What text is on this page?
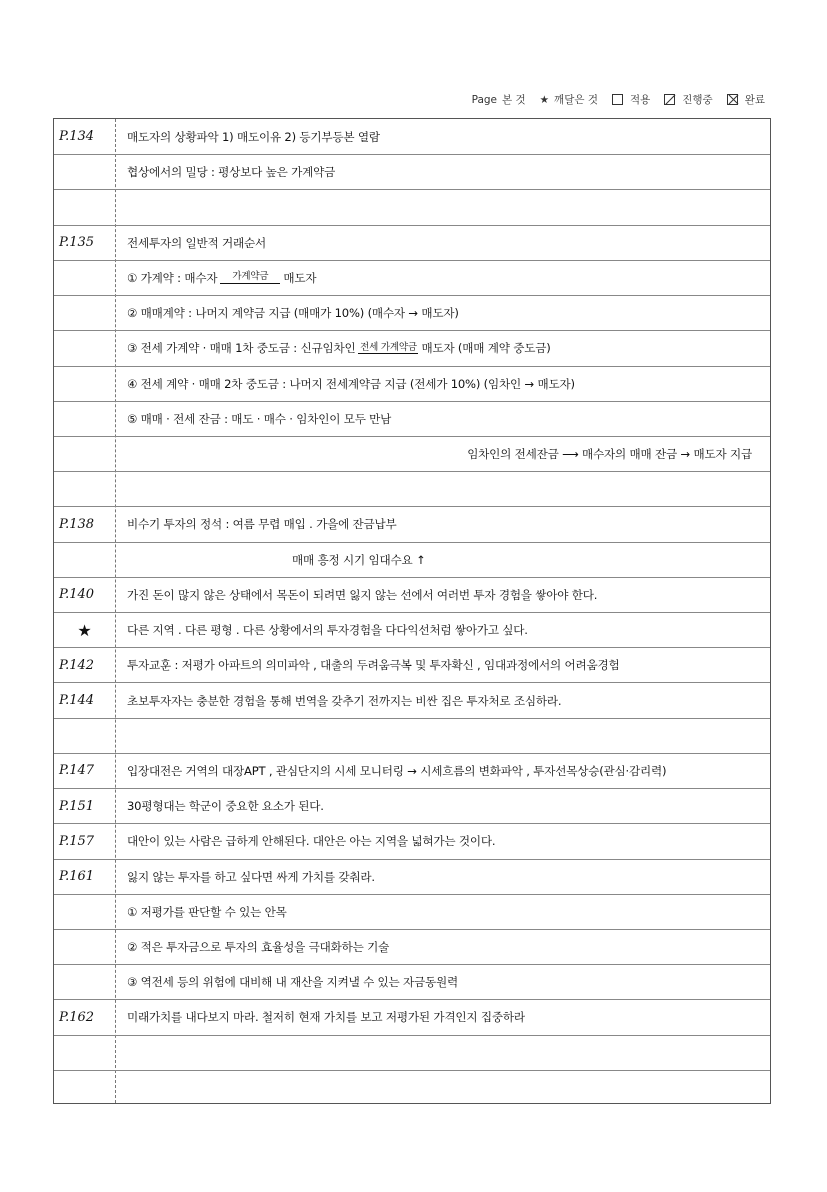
Page 본 것 ★ 깨달은 것	적용	진행중	완료
P.134	매도자의 상황파악 1) 매도이유 2) 등기부등본 열람
협상에서의 밀당 : 평상보다 높은 가계약금
P.135	전세투자의 일반적 거래순서
① 가계약 : 매수자 가계약금 매도자
② 매매계약 : 나머지 계약금 지급 (매매가 10%) (매수자 → 매도자)
③ 전세 가계약 · 매매 1차 중도금 : 신규임차인 전세 가계약금 매도자 (매매 계약 중도금)
④ 전세 계약 · 매매 2차 중도금 : 나머지 전세계약금 지급 (전세가 10%) (임차인 → 매도자)
⑤ 매매 · 전세 잔금 : 매도 · 매수 · 임차인이 모두 만남
임차인의 전세잔금 ⟶ 매수자의 매매 잔금 → 매도자 지급
P.138	비수기 투자의 정석 : 여름 무렵 매입 . 가을에 잔금납부
매매 흥정 시기 임대수요 ↑
P.140	가진 돈이 많지 않은 상태에서 목돈이 되려면 잃지 않는 선에서 여러번 투자 경험을 쌓아야 한다.
★	다른 지역 . 다른 평형 . 다른 상황에서의 투자경험을 다다익선처럼 쌓아가고 싶다.
P.142	투자교훈 : 저평가 아파트의 의미파악 , 대출의 두려움극복 및 투자확신 , 임대과정에서의 어려움경험
P.144	초보투자자는 충분한 경험을 통해 번역을 갖추기 전까지는 비싼 집은 투자처로 조심하라.
P.147	입장대전은 거역의 대장APT , 관심단지의 시세 모니터링 → 시세흐름의 변화파악 , 투자선목상승(관심·감리력)
P.151	30평형대는 학군이 중요한 요소가 된다.
P.157	대안이 있는 사람은 급하게 안해된다. 대안은 아는 지역을 넓혀가는 것이다.
P.161	잃지 않는 투자를 하고 싶다면 싸게 가치를 갖춰라.
① 저평가를 판단할 수 있는 안목
② 적은 투자금으로 투자의 효율성을 극대화하는 기술
③ 역전세 등의 위험에 대비해 내 재산을 지켜낼 수 있는 자금동원력
P.162	미래가치를 내다보지 마라. 철저히 현재 가치를 보고 저평가된 가격인지 집중하라
